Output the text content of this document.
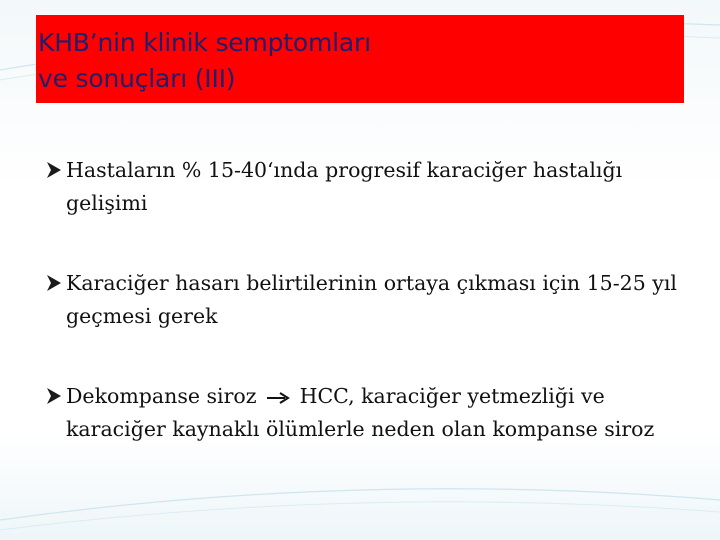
KHB’nin klinik semptomları
ve sonuçları (III)

Hastaların % 15-40‘ında progresif karaciğer hastalığı gelişimi

Karaciğer hasarı belirtilerinin ortaya çıkması için 15-25 yıl geçmesi gerek

Dekompanse siroz HCC, karaciğer yetmezliği ve karaciğer kaynaklı ölümlerle neden olan kompanse siroz
